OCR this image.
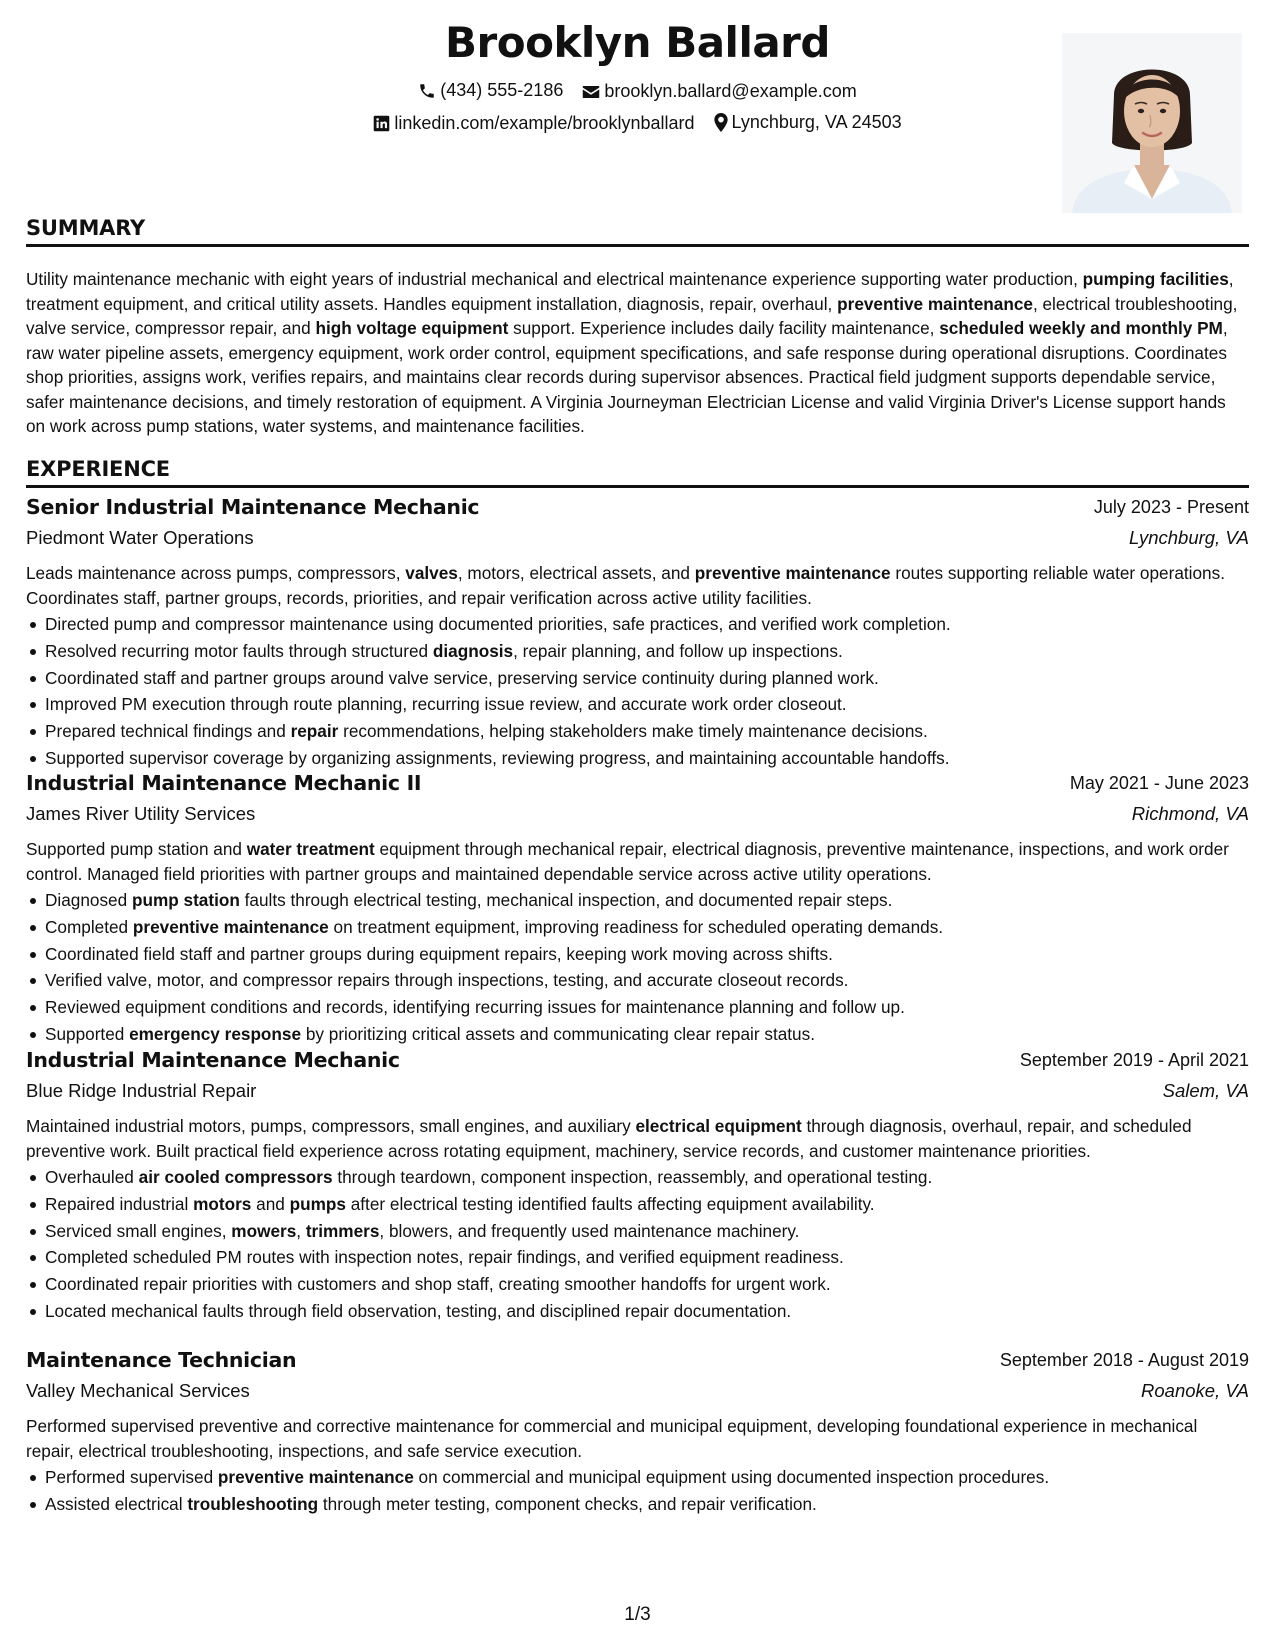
Brooklyn Ballard
(434) 555-2186
brooklyn.ballard@example.com
linkedin.com/example/brooklynballard
Lynchburg, VA 24503
SUMMARY

Utility maintenance mechanic with eight years of industrial mechanical and electrical maintenance experience supporting water production, pumping facilities, treatment equipment, and critical utility assets. Handles equipment installation, diagnosis, repair, overhaul, preventive maintenance, electrical troubleshooting, valve service, compressor repair, and high voltage equipment support. Experience includes daily facility maintenance, scheduled weekly and monthly PM, raw water pipeline assets, emergency equipment, work order control, equipment specifications, and safe response during operational disruptions. Coordinates shop priorities, assigns work, verifies repairs, and maintains clear records during supervisor absences. Practical field judgment supports dependable service, safer maintenance decisions, and timely restoration of equipment. A Virginia Journeyman Electrician License and valid Virginia Driver's License support hands on work across pump stations, water systems, and maintenance facilities.

EXPERIENCE
Senior Industrial Maintenance Mechanic	July 2023 - Present
Piedmont Water Operations	Lynchburg, VA

Leads maintenance across pumps, compressors, valves, motors, electrical assets, and preventive maintenance routes supporting reliable water operations. Coordinates staff, partner groups, records, priorities, and repair verification across active utility facilities.

Directed pump and compressor maintenance using documented priorities, safe practices, and verified work completion.
Resolved recurring motor faults through structured diagnosis, repair planning, and follow up inspections.
Coordinated staff and partner groups around valve service, preserving service continuity during planned work.
Improved PM execution through route planning, recurring issue review, and accurate work order closeout.
Prepared technical findings and repair recommendations, helping stakeholders make timely maintenance decisions.
Supported supervisor coverage by organizing assignments, reviewing progress, and maintaining accountable handoffs.
Industrial Maintenance Mechanic II	May 2021 - June 2023
James River Utility Services	Richmond, VA

Supported pump station and water treatment equipment through mechanical repair, electrical diagnosis, preventive maintenance, inspections, and work order control. Managed field priorities with partner groups and maintained dependable service across active utility operations.

Diagnosed pump station faults through electrical testing, mechanical inspection, and documented repair steps.
Completed preventive maintenance on treatment equipment, improving readiness for scheduled operating demands.
Coordinated field staff and partner groups during equipment repairs, keeping work moving across shifts.
Verified valve, motor, and compressor repairs through inspections, testing, and accurate closeout records.
Reviewed equipment conditions and records, identifying recurring issues for maintenance planning and follow up.
Supported emergency response by prioritizing critical assets and communicating clear repair status.
Industrial Maintenance Mechanic	September 2019 - April 2021
Blue Ridge Industrial Repair	Salem, VA

Maintained industrial motors, pumps, compressors, small engines, and auxiliary electrical equipment through diagnosis, overhaul, repair, and scheduled preventive work. Built practical field experience across rotating equipment, machinery, service records, and customer maintenance priorities.

Overhauled air cooled compressors through teardown, component inspection, reassembly, and operational testing.
Repaired industrial motors and pumps after electrical testing identified faults affecting equipment availability.
Serviced small engines, mowers, trimmers, blowers, and frequently used maintenance machinery.
Completed scheduled PM routes with inspection notes, repair findings, and verified equipment readiness.
Coordinated repair priorities with customers and shop staff, creating smoother handoffs for urgent work.
Located mechanical faults through field observation, testing, and disciplined repair documentation.
Maintenance Technician	September 2018 - August 2019
Valley Mechanical Services	Roanoke, VA

Performed supervised preventive and corrective maintenance for commercial and municipal equipment, developing foundational experience in mechanical repair, electrical troubleshooting, inspections, and safe service execution.

Performed supervised preventive maintenance on commercial and municipal equipment using documented inspection procedures.
Assisted electrical troubleshooting through meter testing, component checks, and repair verification.
1/3
